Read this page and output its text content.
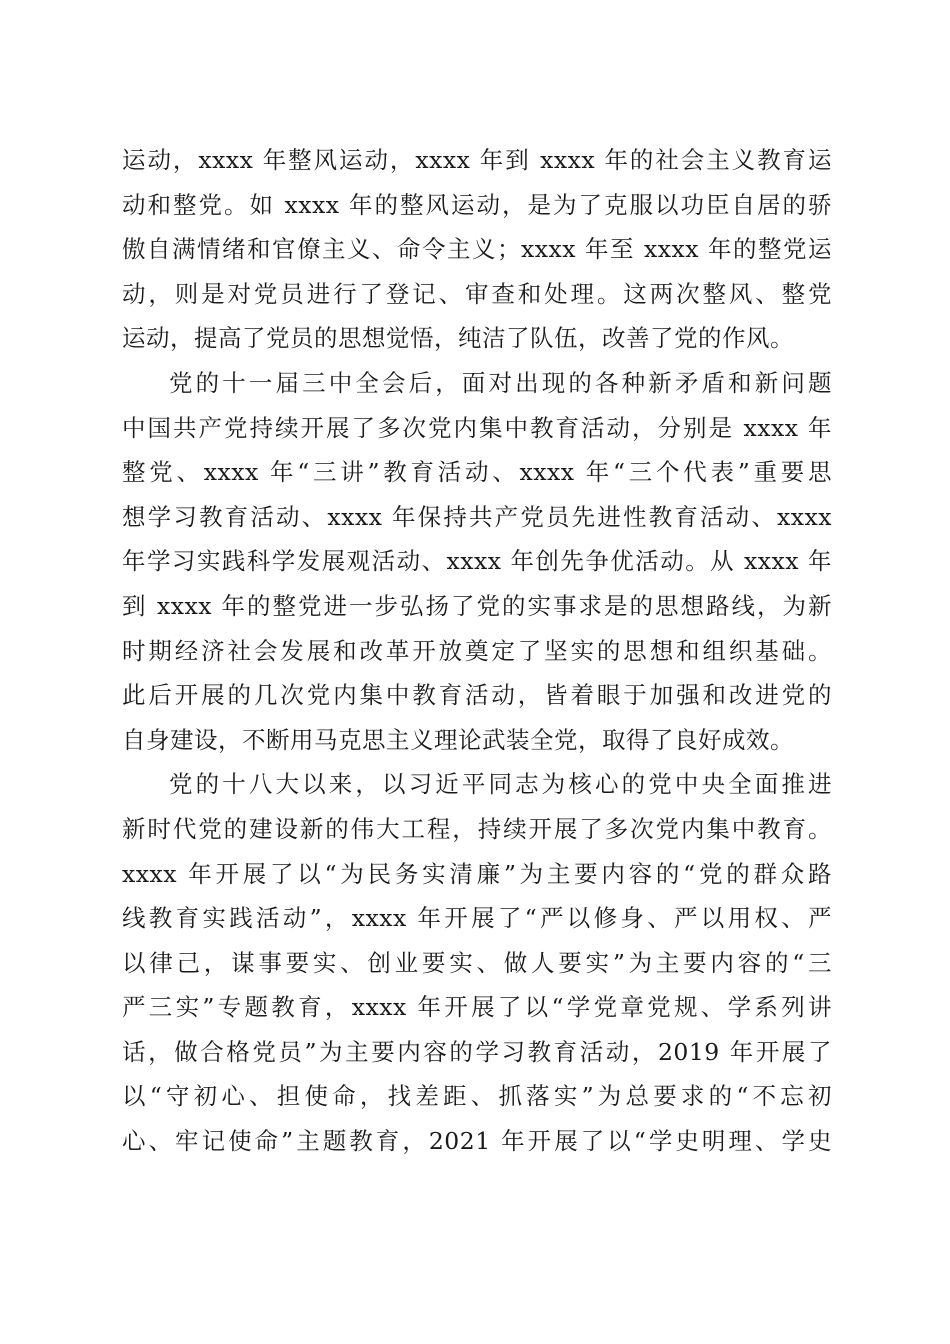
运动，xxxx 年整风运动，xxxx 年到 xxxx 年的社会主义教育运
动和整党。如 xxxx 年的整风运动，是为了克服以功臣自居的骄
傲自满情绪和官僚主义、命令主义；xxxx 年至 xxxx 年的整党运
动，则是对党员进行了登记、审查和处理。这两次整风、整党
运动，提高了党员的思想觉悟，纯洁了队伍，改善了党的作风。
党的十一届三中全会后，面对出现的各种新矛盾和新问题
中国共产党持续开展了多次党内集中教育活动，分别是 xxxx 年
整党、xxxx 年“三讲”教育活动、xxxx 年“三个代表”重要思
想学习教育活动、xxxx 年保持共产党员先进性教育活动、xxxx
年学习实践科学发展观活动、xxxx 年创先争优活动。从 xxxx 年
到 xxxx 年的整党进一步弘扬了党的实事求是的思想路线，为新
时期经济社会发展和改革开放奠定了坚实的思想和组织基础。
此后开展的几次党内集中教育活动，皆着眼于加强和改进党的
自身建设，不断用马克思主义理论武装全党，取得了良好成效。
党的十八大以来，以习近平同志为核心的党中央全面推进
新时代党的建设新的伟大工程，持续开展了多次党内集中教育。
xxxx 年开展了以“为民务实清廉”为主要内容的“党的群众路
线教育实践活动”，xxxx 年开展了“严以修身、严以用权、严
以律己，谋事要实、创业要实、做人要实”为主要内容的“三
严三实”专题教育，xxxx 年开展了以“学党章党规、学系列讲
话，做合格党员”为主要内容的学习教育活动，2019 年开展了
以“守初心、担使命，找差距、抓落实”为总要求的“不忘初
心、牢记使命”主题教育，2021 年开展了以“学史明理、学史
